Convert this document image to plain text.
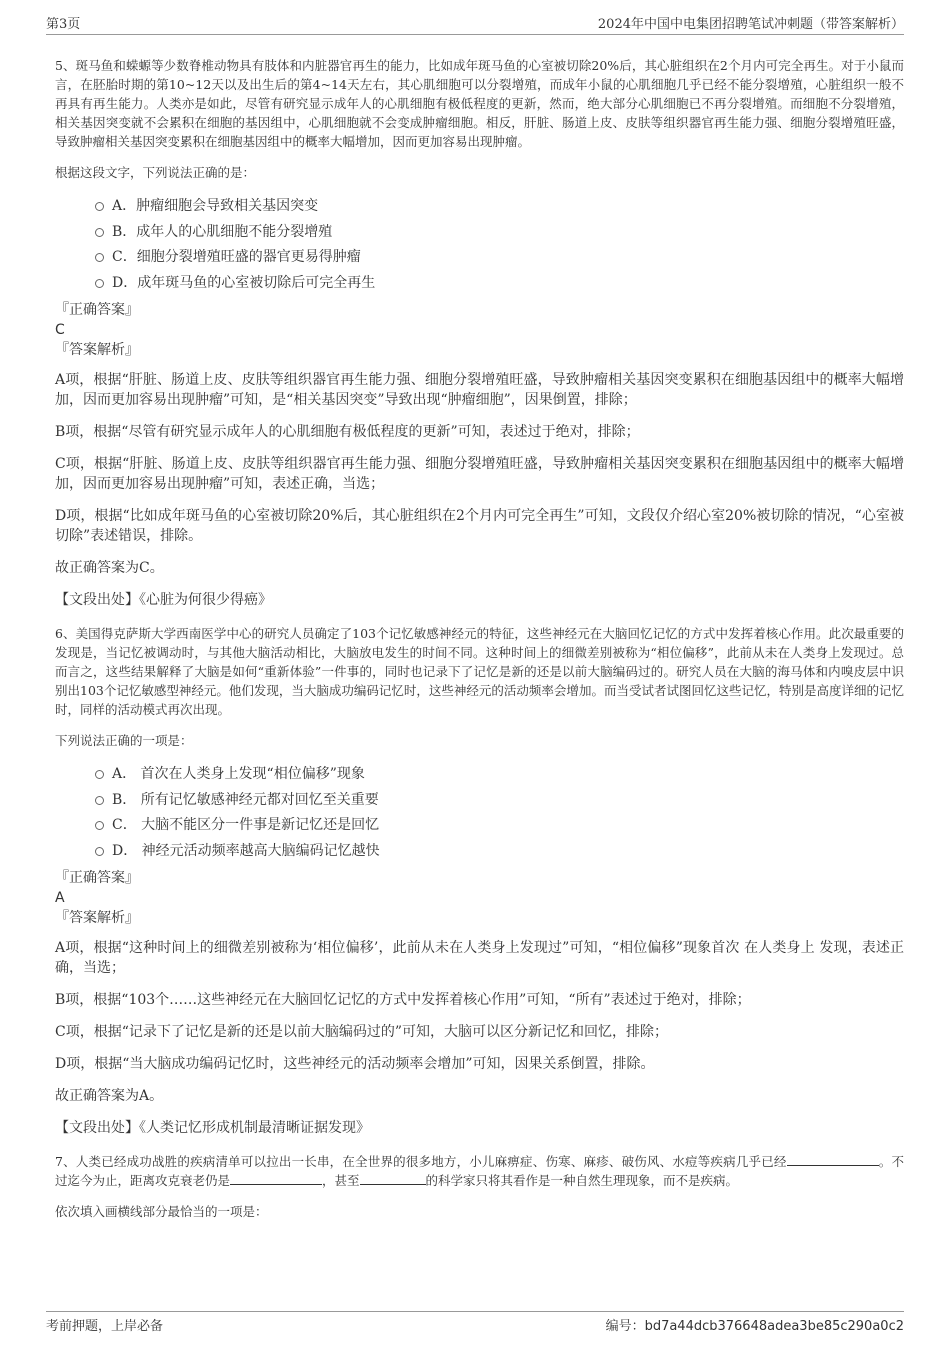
第3页	2024年中国中电集团招聘笔试冲刺题（带答案解析）

5、斑马鱼和蝾螈等少数脊椎动物具有肢体和内脏器官再生的能力，比如成年斑马鱼的心室被切除20%后，其心脏组织在2个月内可完全再生。对于小鼠而言，在胚胎时期的第10~12天以及出生后的第4~14天左右，其心肌细胞可以分裂增殖，而成年小鼠的心肌细胞几乎已经不能分裂增殖，心脏组织一般不再具有再生能力。人类亦是如此，尽管有研究显示成年人的心肌细胞有极低程度的更新，然而，绝大部分心肌细胞已不再分裂增殖。而细胞不分裂增殖，相关基因突变就不会累积在细胞的基因组中，心肌细胞就不会变成肿瘤细胞。相反，肝脏、肠道上皮、皮肤等组织器官再生能力强、细胞分裂增殖旺盛，导致肿瘤相关基因突变累积在细胞基因组中的概率大幅增加，因而更加容易出现肿瘤。

根据这段文字，下列说法正确的是：

A．肿瘤细胞会导致相关基因突变
B．成年人的心肌细胞不能分裂增殖
C．细胞分裂增殖旺盛的器官更易得肿瘤
D．成年斑马鱼的心室被切除后可完全再生
『正确答案』
C
『答案解析』

A项，根据“肝脏、肠道上皮、皮肤等组织器官再生能力强、细胞分裂增殖旺盛，导致肿瘤相关基因突变累积在细胞基因组中的概率大幅增加，因而更加容易出现肿瘤”可知，是“相关基因突变”导致出现“肿瘤细胞”，因果倒置，排除；

B项，根据“尽管有研究显示成年人的心肌细胞有极低程度的更新”可知，表述过于绝对，排除；

C项，根据“肝脏、肠道上皮、皮肤等组织器官再生能力强、细胞分裂增殖旺盛，导致肿瘤相关基因突变累积在细胞基因组中的概率大幅增加，因而更加容易出现肿瘤”可知，表述正确，当选；

D项，根据“比如成年斑马鱼的心室被切除20%后，其心脏组织在2个月内可完全再生”可知，文段仅介绍心室20%被切除的情况，“心室被切除”表述错误，排除。

故正确答案为C。

【文段出处】《心脏为何很少得癌》

6、美国得克萨斯大学西南医学中心的研究人员确定了103个记忆敏感神经元的特征，这些神经元在大脑回忆记忆的方式中发挥着核心作用。此次最重要的发现是，当记忆被调动时，与其他大脑活动相比，大脑放电发生的时间不同。这种时间上的细微差别被称为“相位偏移”，此前从未在人类身上发现过。总而言之，这些结果解释了大脑是如何“重新体验”一件事的，同时也记录下了记忆是新的还是以前大脑编码过的。研究人员在大脑的海马体和内嗅皮层中识别出103个记忆敏感型神经元。他们发现，当大脑成功编码记忆时，这些神经元的活动频率会增加。而当受试者试图回忆这些记忆，特别是高度详细的记忆时，同样的活动模式再次出现。

下列说法正确的一项是：

A． 首次在人类身上发现“相位偏移”现象
B． 所有记忆敏感神经元都对回忆至关重要
C． 大脑不能区分一件事是新记忆还是回忆
D． 神经元活动频率越高大脑编码记忆越快
『正确答案』
A
『答案解析』

A项，根据“这种时间上的细微差别被称为‘相位偏移’，此前从未在人类身上发现过”可知，“相位偏移”现象首次 在人类身上 发现，表述正确，当选；

B项，根据“103个……这些神经元在大脑回忆记忆的方式中发挥着核心作用”可知，“所有”表述过于绝对，排除；

C项，根据“记录下了记忆是新的还是以前大脑编码过的”可知，大脑可以区分新记忆和回忆，排除；

D项，根据“当大脑成功编码记忆时，这些神经元的活动频率会增加”可知，因果关系倒置，排除。

故正确答案为A。

【文段出处】《人类记忆形成机制最清晰证据发现》

7、人类已经成功战胜的疾病清单可以拉出一长串，在全世界的很多地方，小儿麻痹症、伤寒、麻疹、破伤风、水痘等疾病几乎已经	。不过迄今为止，距离攻克衰老仍是	，甚至	的科学家只将其看作是一种自然生理现象，而不是疾病。

依次填入画横线部分最恰当的一项是：

考前押题，上岸必备	编号：bd7a44dcb376648adea3be85c290a0c2
